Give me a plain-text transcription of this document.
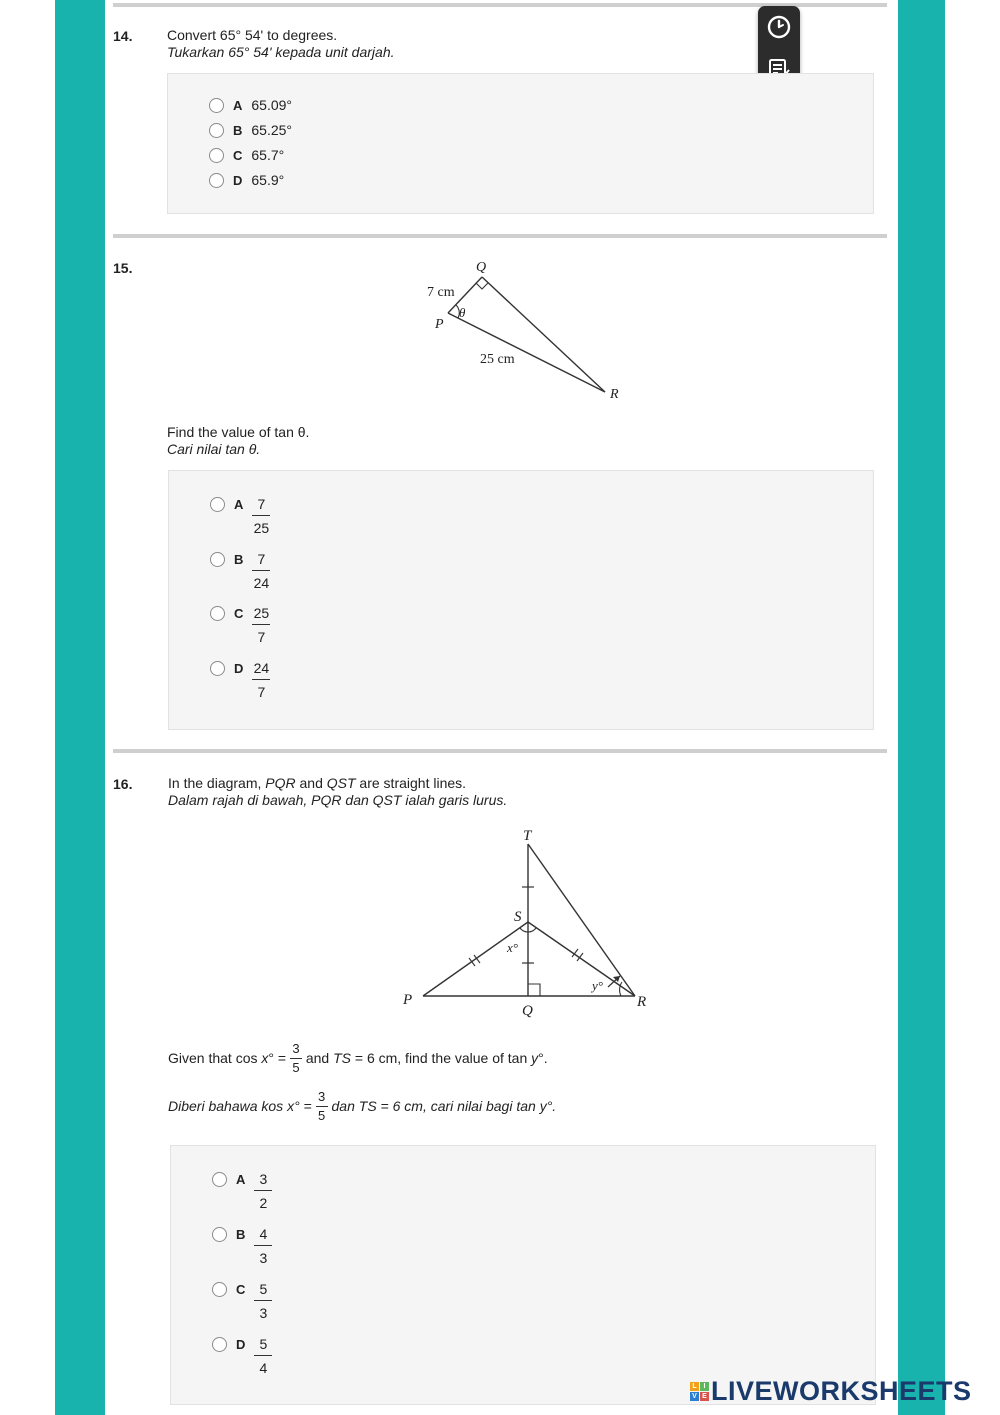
14. Convert 65° 54' to degrees.
Tukarkan 65° 54' kepada unit darjah.
A 65.09°
B 65.25°
C 65.7°
D 65.9°
15.	Q
7 cm
θ
P
25 cm
R
Find the value of tan θ.
Cari nilai tan θ.
A $\frac{7}{25}$
B $\frac{7}{24}$
C $\frac{25}{7}$
D $\frac{24}{7}$
16.	In the diagram, PQR and QST are straight lines.
Dalam rajah di bawah, PQR dan QST ialah garis lurus.
T
S
x°
y°
P
Q
R
Given that cos x ° = $\frac{3}{5}$ and TS = 6 cm, find the value of tan y °.
Diberi bahawa kos x ° = $\frac{3}{5}$ dan TS = 6 cm, cari nilai bagi tan y °.
A $\frac{3}{2}$
B $\frac{4}{3}$
C $\frac{5}{3}$
D $\frac{5}{4}$
L I
V E LIVEWORKSHEETS
